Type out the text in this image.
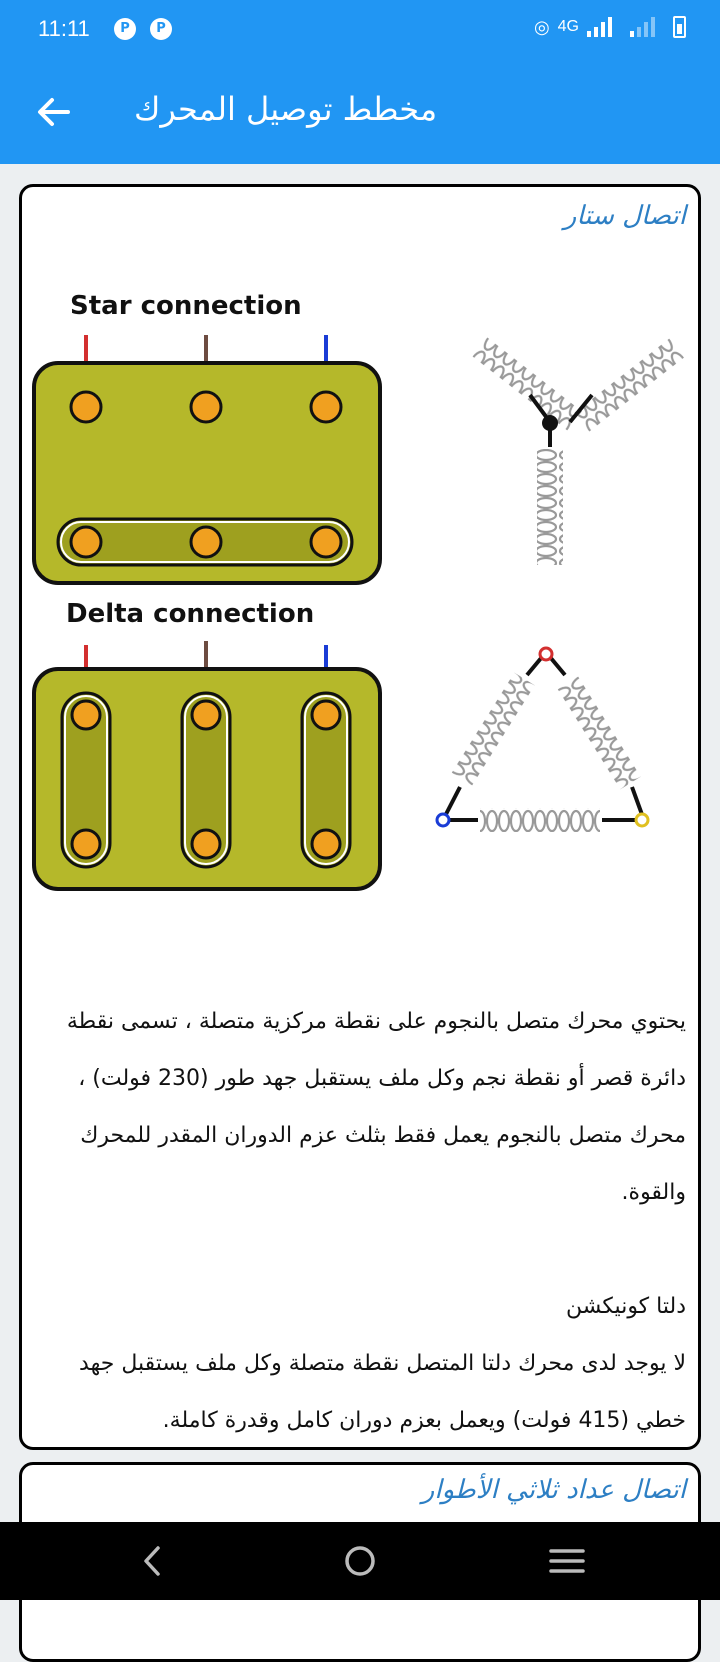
11:11	P	P	◎ 4G
مخطط توصيل المحرك
اتصال ستار
Star connection
Delta connection

يحتوي محرك متصل بالنجوم على نقطة مركزية متصلة ، تسمى نقطة دائرة قصر أو نقطة نجم وكل ملف يستقبل جهد طور (230 فولت) ، محرك متصل بالنجوم يعمل فقط بثلث عزم الدوران المقدر للمحرك والقوة.

دلتا كونيكشن

لا يوجد لدى محرك دلتا المتصل نقطة متصلة وكل ملف يستقبل جهد خطي (415 فولت) ويعمل بعزم دوران كامل وقدرة كاملة.

اتصال عداد ثلاثي الأطوار
